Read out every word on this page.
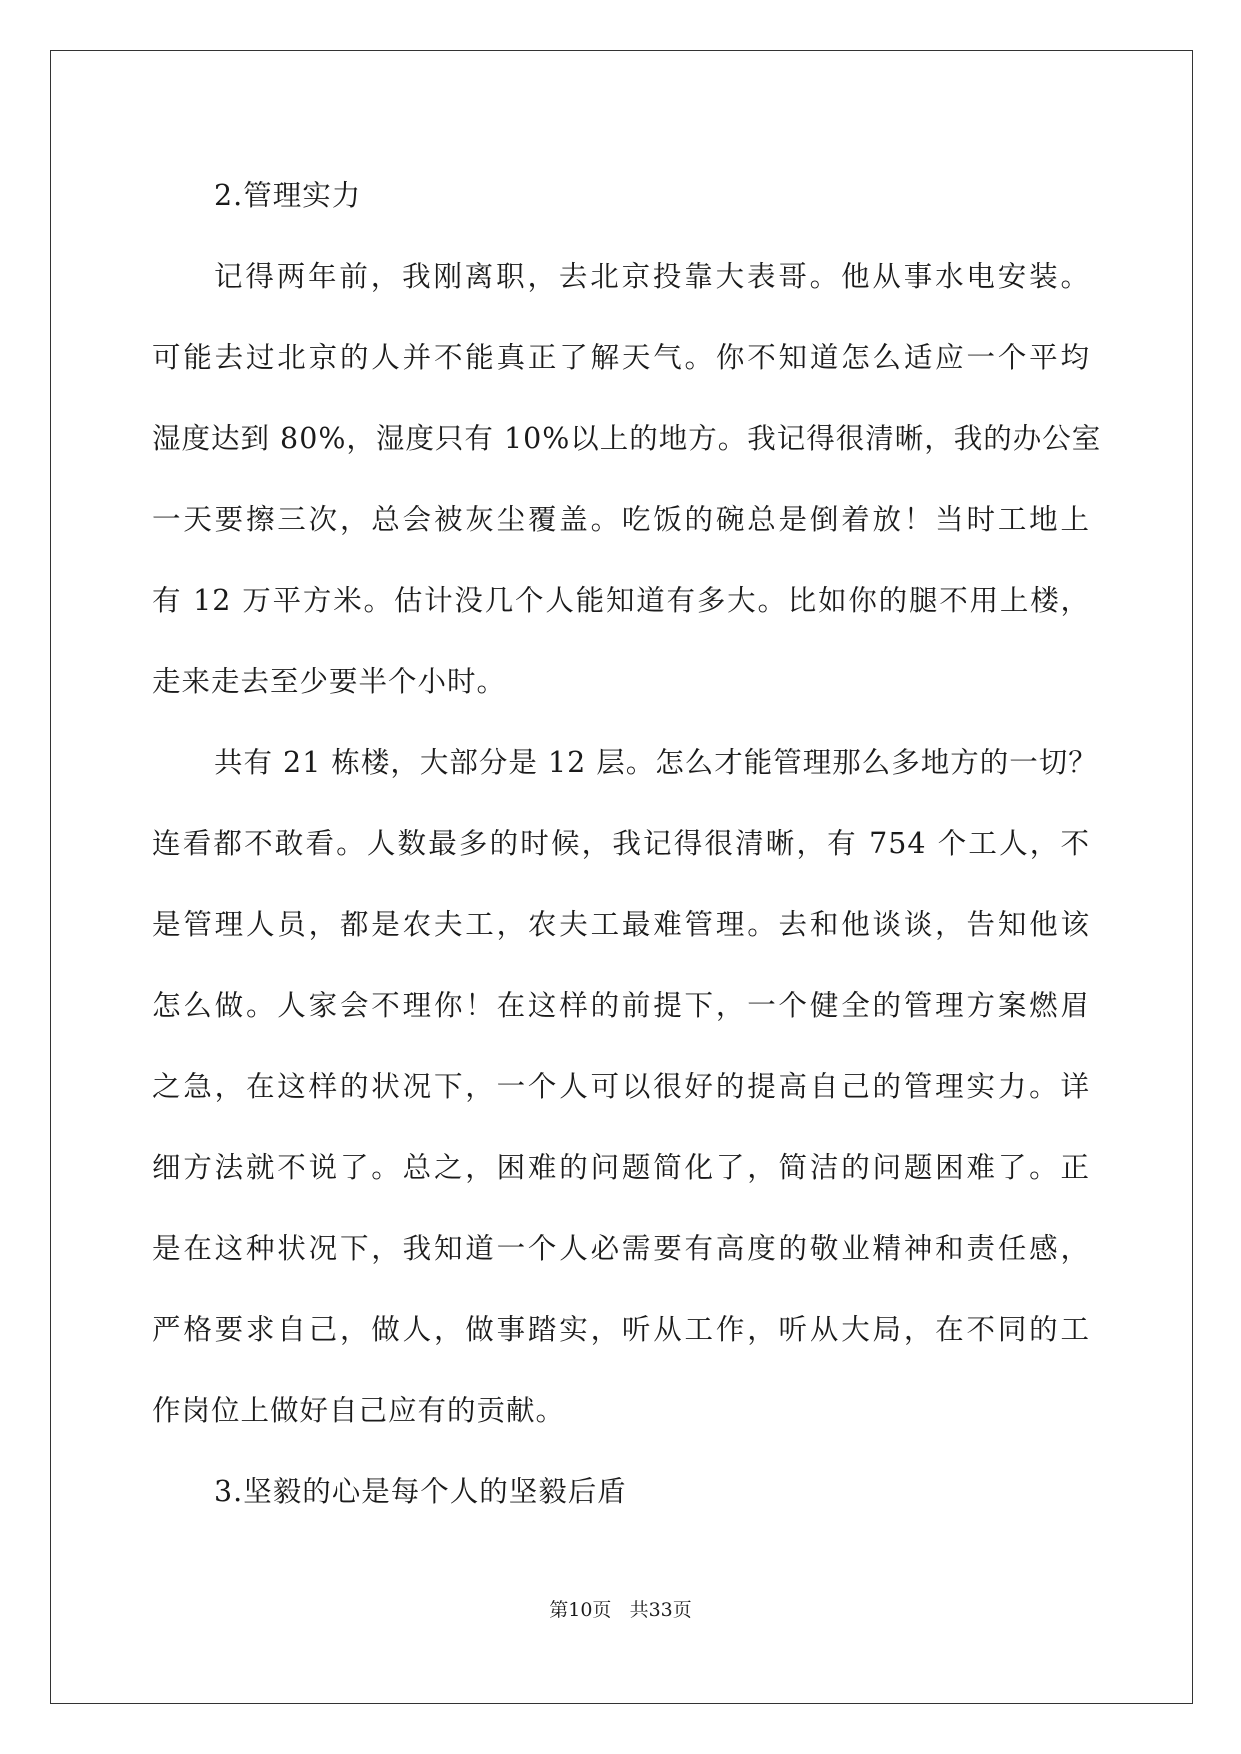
2.管理实力
记得两年前，我刚离职，去北京投靠大表哥。他从事水电安装。
可能去过北京的人并不能真正了解天气。你不知道怎么适应一个平均
湿度达到 80%，湿度只有 10%以上的地方。我记得很清晰，我的办公室
一天要擦三次，总会被灰尘覆盖。吃饭的碗总是倒着放！当时工地上
有 12 万平方米。估计没几个人能知道有多大。比如你的腿不用上楼，
走来走去至少要半个小时。
共有 21 栋楼，大部分是 12 层。怎么才能管理那么多地方的一切？
连看都不敢看。人数最多的时候，我记得很清晰，有 754 个工人，不
是管理人员，都是农夫工，农夫工最难管理。去和他谈谈，告知他该
怎么做。人家会不理你！在这样的前提下，一个健全的管理方案燃眉
之急，在这样的状况下，一个人可以很好的提高自己的管理实力。详
细方法就不说了。总之，困难的问题简化了，简洁的问题困难了。正
是在这种状况下，我知道一个人必需要有高度的敬业精神和责任感，
严格要求自己，做人，做事踏实，听从工作，听从大局，在不同的工
作岗位上做好自己应有的贡献。
3.坚毅的心是每个人的坚毅后盾
第10页 共33页
